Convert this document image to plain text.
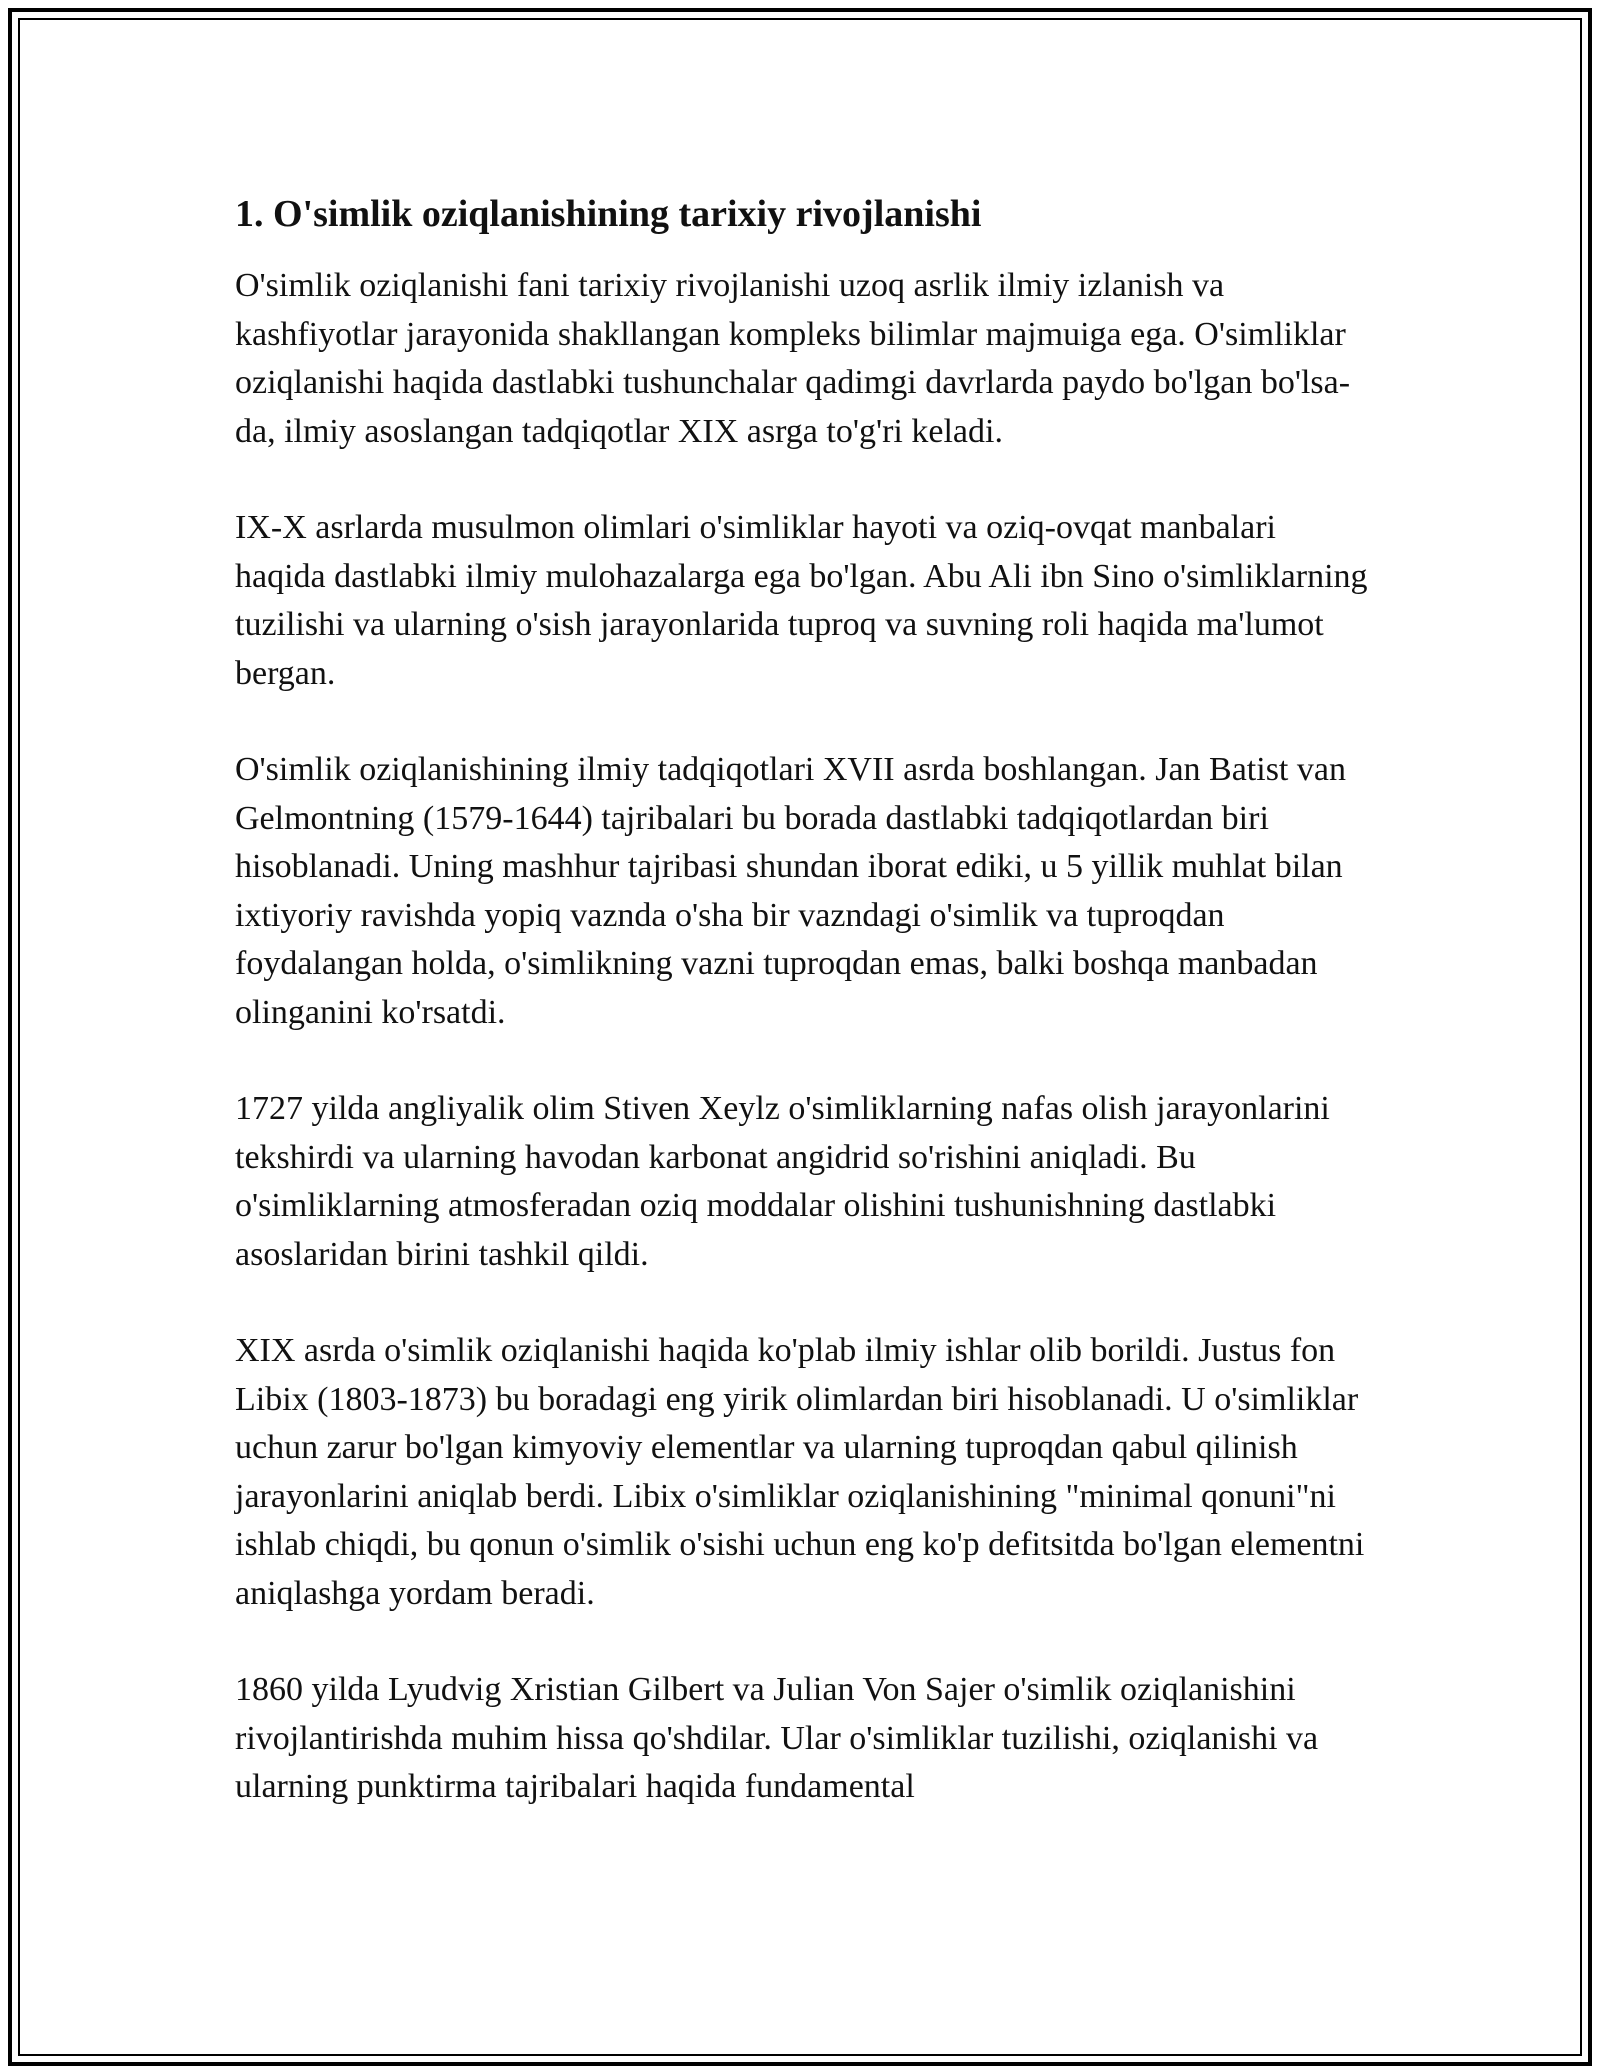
1. O'simlik oziqlanishining tarixiy rivojlanishi

O'simlik oziqlanishi fani tarixiy rivojlanishi uzoq asrlik ilmiy izlanish va kashfiyotlar jarayonida shakllangan kompleks bilimlar majmuiga ega. O'simliklar oziqlanishi haqida dastlabki tushunchalar qadimgi davrlarda paydo bo'lgan bo'lsa-da, ilmiy asoslangan tadqiqotlar XIX asrga to'g'ri keladi.

IX-X asrlarda musulmon olimlari o'simliklar hayoti va oziq-ovqat manbalari haqida dastlabki ilmiy mulohazalarga ega bo'lgan. Abu Ali ibn Sino o'simliklarning tuzilishi va ularning o'sish jarayonlarida tuproq va suvning roli haqida ma'lumot bergan.

O'simlik oziqlanishining ilmiy tadqiqotlari XVII asrda boshlangan. Jan Batist van Gelmontning (1579-1644) tajribalari bu borada dastlabki tadqiqotlardan biri hisoblanadi. Uning mashhur tajribasi shundan iborat ediki, u 5 yillik muhlat bilan ixtiyoriy ravishda yopiq vaznda o'sha bir vazndagi o'simlik va tuproqdan foydalangan holda, o'simlikning vazni tuproqdan emas, balki boshqa manbadan olinganini ko'rsatdi.

1727 yilda angliyalik olim Stiven Xeylz o'simliklarning nafas olish jarayonlarini tekshirdi va ularning havodan karbonat angidrid so'rishini aniqladi. Bu o'simliklarning atmosferadan oziq moddalar olishini tushunishning dastlabki asoslaridan birini tashkil qildi.

XIX asrda o'simlik oziqlanishi haqida ko'plab ilmiy ishlar olib borildi. Justus fon Libix (1803-1873) bu boradagi eng yirik olimlardan biri hisoblanadi. U o'simliklar uchun zarur bo'lgan kimyoviy elementlar va ularning tuproqdan qabul qilinish jarayonlarini aniqlab berdi. Libix o'simliklar oziqlanishining "minimal qonuni"ni ishlab chiqdi, bu qonun o'simlik o'sishi uchun eng ko'p defitsitda bo'lgan elementni aniqlashga yordam beradi.

1860 yilda Lyudvig Xristian Gilbert va Julian Von Sajer o'simlik oziqlanishini rivojlantirishda muhim hissa qo'shdilar. Ular o'simliklar tuzilishi, oziqlanishi va ularning punktirma tajribalari haqida fundamental
